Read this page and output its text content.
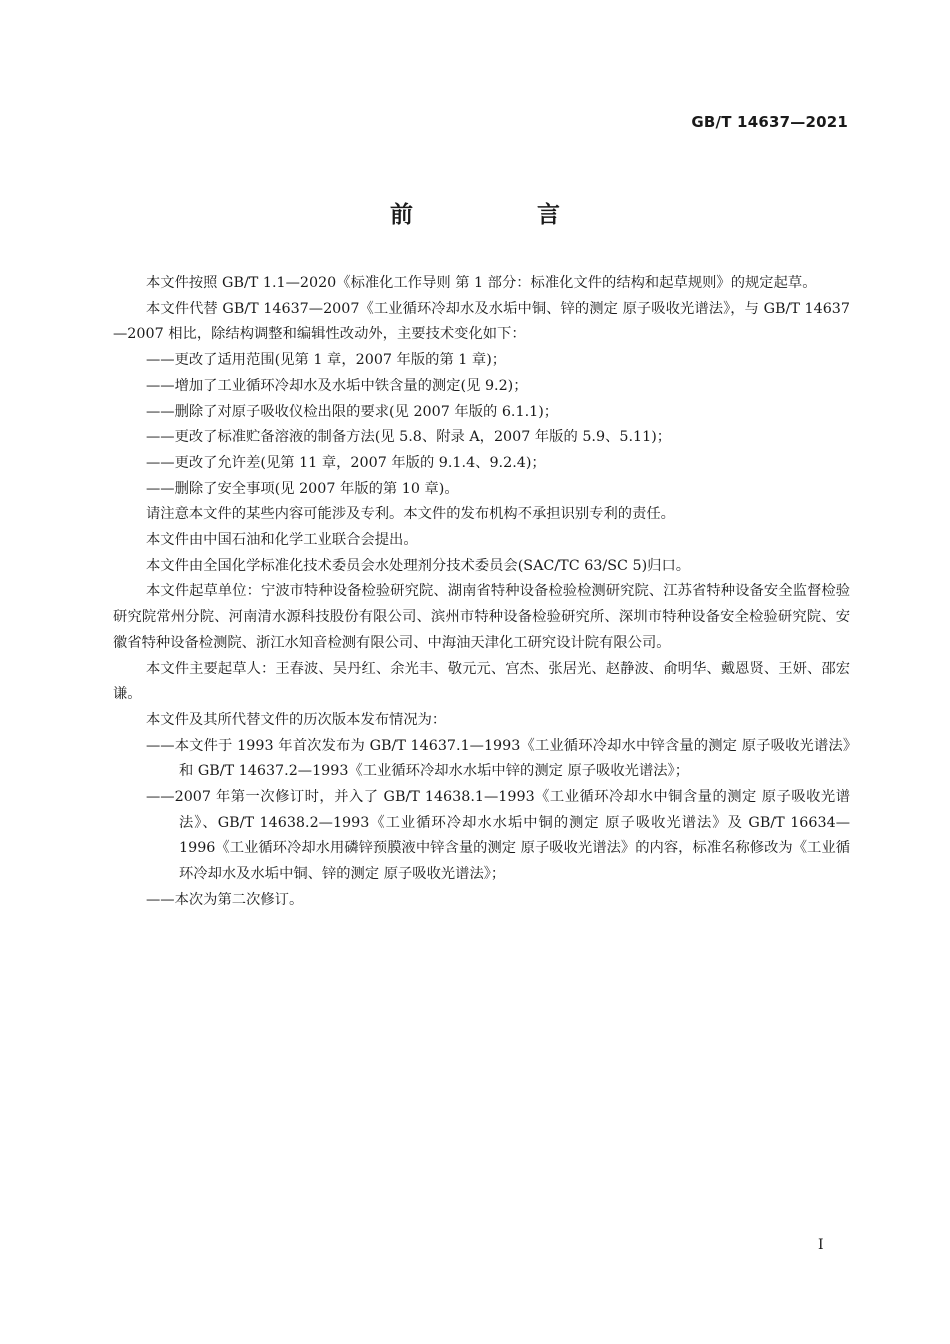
GB/T 14637—2021
前 言

本文件按照 GB/T 1.1—2020《标准化工作导则 第 1 部分：标准化文件的结构和起草规则》的规定起草。

本文件代替 GB/T 14637—2007《工业循环冷却水及水垢中铜、锌的测定 原子吸收光谱法》，与 GB/T 14637—2007 相比，除结构调整和编辑性改动外，主要技术变化如下：

——更改了适用范围(见第 1 章，2007 年版的第 1 章)；

——增加了工业循环冷却水及水垢中铁含量的测定(见 9.2)；

——删除了对原子吸收仪检出限的要求(见 2007 年版的 6.1.1)；

——更改了标准贮备溶液的制备方法(见 5.8、附录 A，2007 年版的 5.9、5.11)；

——更改了允许差(见第 11 章，2007 年版的 9.1.4、9.2.4)；

——删除了安全事项(见 2007 年版的第 10 章)。

请注意本文件的某些内容可能涉及专利。本文件的发布机构不承担识别专利的责任。

本文件由中国石油和化学工业联合会提出。

本文件由全国化学标准化技术委员会水处理剂分技术委员会(SAC/TC 63/SC 5)归口。

本文件起草单位：宁波市特种设备检验研究院、湖南省特种设备检验检测研究院、江苏省特种设备安全监督检验研究院常州分院、河南清水源科技股份有限公司、滨州市特种设备检验研究所、深圳市特种设备安全检验研究院、安徽省特种设备检测院、浙江水知音检测有限公司、中海油天津化工研究设计院有限公司。

本文件主要起草人：王春波、吴丹红、余光丰、敬元元、宫杰、张居光、赵静波、俞明华、戴恩贤、王妍、邵宏谦。

本文件及其所代替文件的历次版本发布情况为：

——本文件于 1993 年首次发布为 GB/T 14637.1—1993《工业循环冷却水中锌含量的测定 原子吸收光谱法》和 GB/T 14637.2—1993《工业循环冷却水水垢中锌的测定 原子吸收光谱法》；

——2007 年第一次修订时，并入了 GB/T 14638.1—1993《工业循环冷却水中铜含量的测定 原子吸收光谱法》、GB/T 14638.2—1993《工业循环冷却水水垢中铜的测定 原子吸收光谱法》及 GB/T 16634—1996《工业循环冷却水用磷锌预膜液中锌含量的测定 原子吸收光谱法》的内容，标准名称修改为《工业循环冷却水及水垢中铜、锌的测定 原子吸收光谱法》；

——本次为第二次修订。

I
